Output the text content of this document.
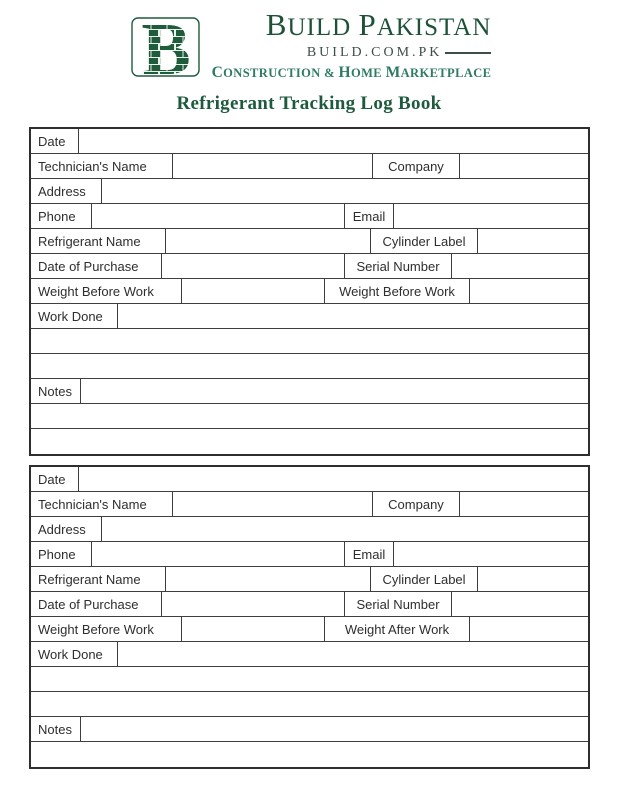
B BUILD PAKISTAN
BUILD.COM.PK
CONSTRUCTION & HOME MARKETPLACE
Refrigerant Tracking Log Book
Date
Technician's Name	Company
Address
Phone	Email
Refrigerant Name	Cylinder Label
Date of Purchase	Serial Number
Weight Before Work	Weight Before Work
Work Done
Notes
Date
Technician's Name	Company
Address
Phone	Email
Refrigerant Name	Cylinder Label
Date of Purchase	Serial Number
Weight Before Work	Weight After Work
Work Done
Notes
